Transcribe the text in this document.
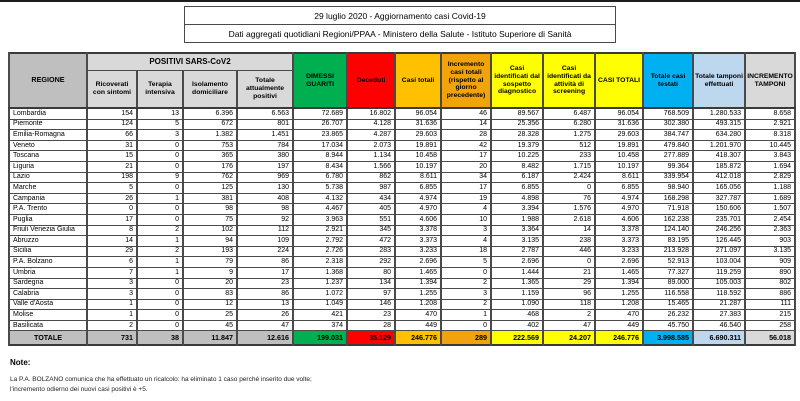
29 luglio 2020 - Aggiornamento casi Covid-19
Dati aggregati quotidiani Regioni/PPAA - Ministero della Salute - Istituto Superiore di Sanità
REGIONE	POSITIVI SARS-CoV2				DIMESSI GUARITI	Deceduti	Casi totali	Incremento casi totali (rispetto al giorno precedente)	Casi identificati dal sospetto diagnostico	Casi identificati da attività di screening	CASI TOTALI	Totale casi testati	Totale tamponi effettuati	INCREMENTO TAMPONI
	Ricoverati con sintomi	Terapia intensiva	Isolamento domiciliare	Totale attualmente positivi										
Lombardia	154	13	6.396	6.563	72.689	16.802	96.054	46	89.567	6.487	96.054	768.509	1.280.533	8.658
Piemonte	124	5	672	801	26.707	4.128	31.636	14	25.356	6.280	31.636	302.380	493.315	2.921
Emilia-Romagna	66	3	1.382	1.451	23.865	4.287	29.603	28	28.328	1.275	29.603	384.747	634.280	8.318
Veneto	31	0	753	784	17.034	2.073	19.891	42	19.379	512	19.891	479.840	1.201.970	10.445
Toscana	15	0	365	380	8.944	1.134	10.458	17	10.225	233	10.458	277.889	418.307	3.843
Liguria	21	0	176	197	8.434	1.566	10.197	20	8.482	1.715	10.197	99.364	185.872	1.694
Lazio	198	9	762	969	6.780	862	8.611	34	6.187	2.424	8.611	339.954	412.018	2.829
Marche	5	0	125	130	5.738	987	6.855	17	6.855	0	6.855	98.940	165.056	1.188
Campania	26	1	381	408	4.132	434	4.974	19	4.898	76	4.974	168.298	327.787	1.689
P.A. Trento	0	0	98	98	4.467	405	4.970	4	3.394	1.576	4.970	71.918	150.606	1.507
Puglia	17	0	75	92	3.963	551	4.606	10	1.988	2.618	4.606	162.238	235.701	2.454
Friuli Venezia Giulia	8	2	102	112	2.921	345	3.378	3	3.364	14	3.378	124.140	246.256	2.363
Abruzzo	14	1	94	109	2.792	472	3.373	4	3.135	238	3.373	83.195	126.445	903
Sicilia	29	2	193	224	2.726	283	3.233	18	2.787	446	3.233	213.928	271.097	3.135
P.A. Bolzano	6	1	79	86	2.318	292	2.696	5	2.696	0	2.696	52.913	103.004	909
Umbria	7	1	9	17	1.368	80	1.465	0	1.444	21	1.465	77.327	119.259	890
Sardegna	3	0	20	23	1.237	134	1.394	2	1.365	29	1.394	89.000	105.003	802
Calabria	3	0	83	86	1.072	97	1.255	3	1.159	96	1.255	116.558	118.592	886
Valle d'Aosta	1	0	12	13	1.049	146	1.208	2	1.090	118	1.208	15.465	21.287	111
Molise	1	0	25	26	421	23	470	1	468	2	470	26.232	27.383	215
Basilicata	2	0	45	47	374	28	449	0	402	47	449	45.750	46.540	258
TOTALE	731	38	11.847	12.616	199.031	35.129	246.776	289	222.569	24.207	246.776	3.998.585	6.690.311	56.018
Note:
La P.A. BOLZANO comunica che ha effettuato un ricalcolo: ha eliminato 1 caso perché inserito due volte;
l'incremento odierno dei nuovi casi positivi è +5.
